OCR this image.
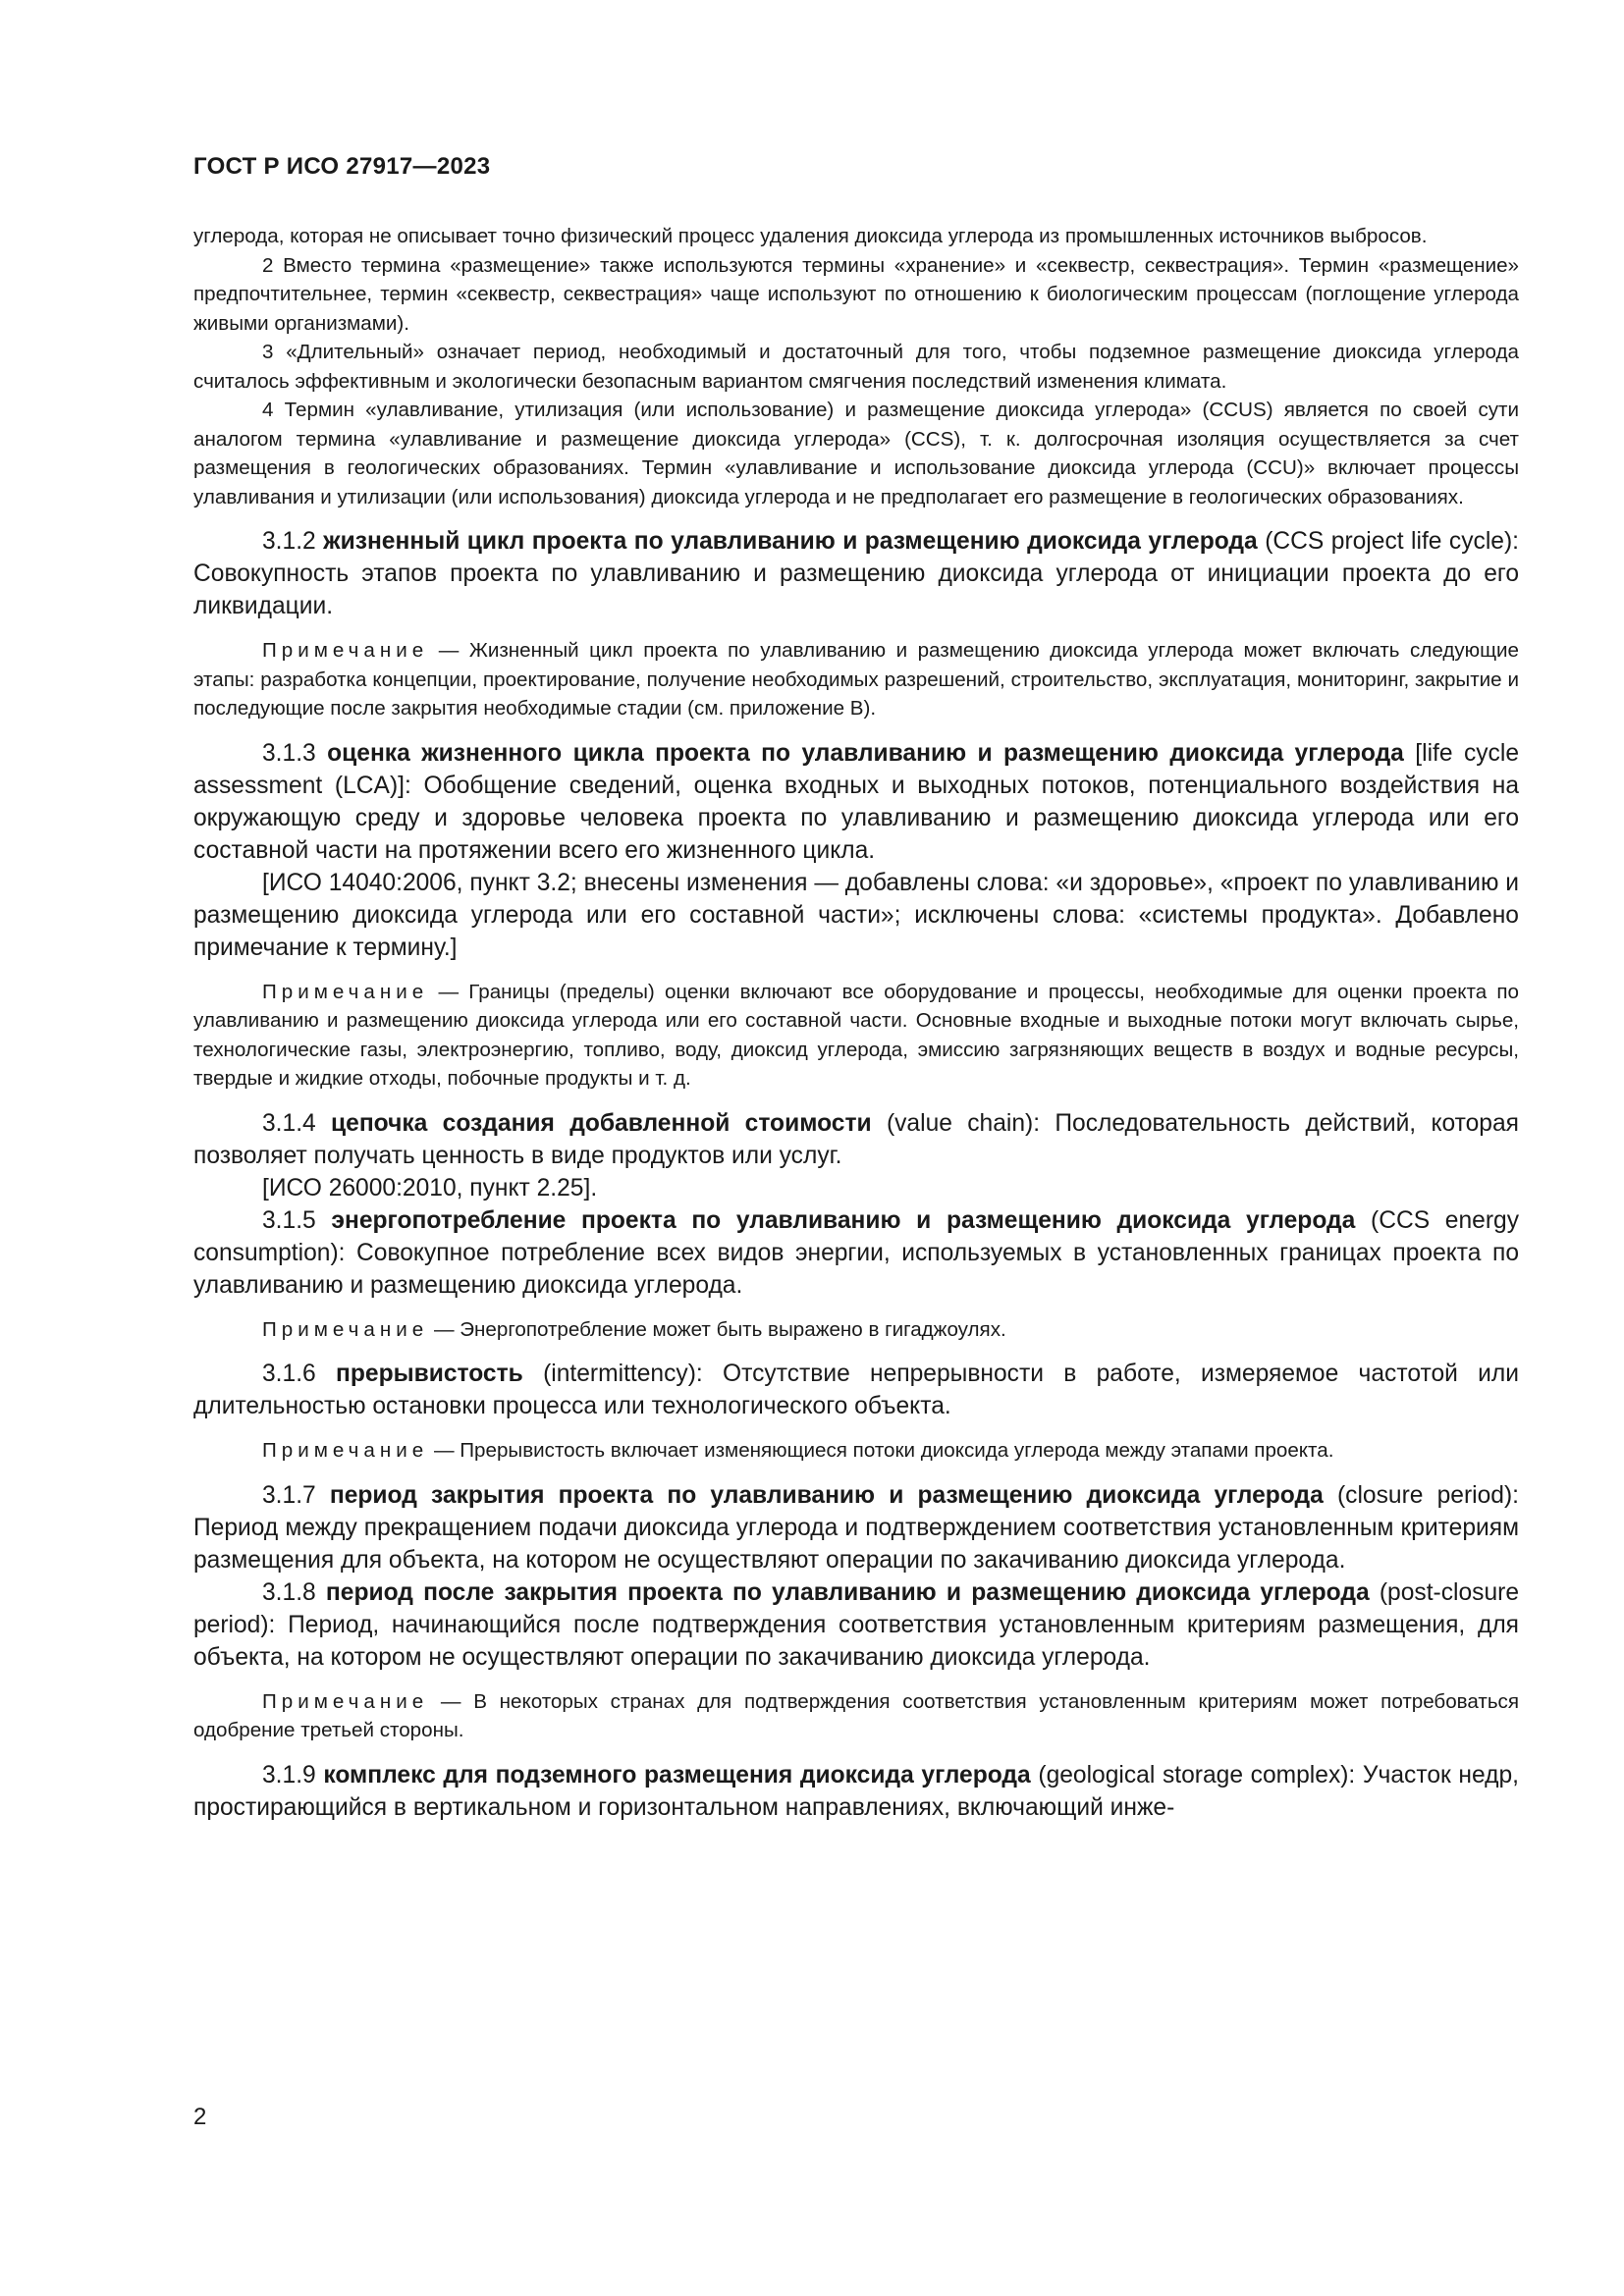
ГОСТ Р ИСО 27917—2023

углерода, которая не описывает точно физический процесс удаления диоксида углерода из промышленных источников выбросов.

2 Вместо термина «размещение» также используются термины «хранение» и «секвестр, секвестрация». Термин «размещение» предпочтительнее, термин «секвестр, секвестрация» чаще используют по отношению к биологическим процессам (поглощение углерода живыми организмами).

3 «Длительный» означает период, необходимый и достаточный для того, чтобы подземное размещение диоксида углерода считалось эффективным и экологически безопасным вариантом смягчения последствий изменения климата.

4 Термин «улавливание, утилизация (или использование) и размещение диоксида углерода» (CCUS) является по своей сути аналогом термина «улавливание и размещение диоксида углерода» (CCS), т. к. долгосрочная изоляция осуществляется за счет размещения в геологических образованиях. Термин «улавливание и использование диоксида углерода (CCU)» включает процессы улавливания и утилизации (или использования) диоксида углерода и не предполагает его размещение в геологических образованиях.

3.1.2 жизненный цикл проекта по улавливанию и размещению диоксида углерода (CCS project life cycle): Совокупность этапов проекта по улавливанию и размещению диоксида углерода от инициации проекта до его ликвидации.

Примечание — Жизненный цикл проекта по улавливанию и размещению диоксида углерода может включать следующие этапы: разработка концепции, проектирование, получение необходимых разрешений, строительство, эксплуатация, мониторинг, закрытие и последующие после закрытия необходимые стадии (см. приложение В).

3.1.3 оценка жизненного цикла проекта по улавливанию и размещению диоксида углерода [life cycle assessment (LCA)]: Обобщение сведений, оценка входных и выходных потоков, потенциального воздействия на окружающую среду и здоровье человека проекта по улавливанию и размещению диоксида углерода или его составной части на протяжении всего его жизненного цикла.

[ИСО 14040:2006, пункт 3.2; внесены изменения — добавлены слова: «и здоровье», «проект по улавливанию и размещению диоксида углерода или его составной части»; исключены слова: «системы продукта». Добавлено примечание к термину.]

Примечание — Границы (пределы) оценки включают все оборудование и процессы, необходимые для оценки проекта по улавливанию и размещению диоксида углерода или его составной части. Основные входные и выходные потоки могут включать сырье, технологические газы, электроэнергию, топливо, воду, диоксид углерода, эмиссию загрязняющих веществ в воздух и водные ресурсы, твердые и жидкие отходы, побочные продукты и т. д.

3.1.4 цепочка создания добавленной стоимости (value chain): Последовательность действий, которая позволяет получать ценность в виде продуктов или услуг.

[ИСО 26000:2010, пункт 2.25].

3.1.5 энергопотребление проекта по улавливанию и размещению диоксида углерода (CCS energy consumption): Совокупное потребление всех видов энергии, используемых в установленных границах проекта по улавливанию и размещению диоксида углерода.

Примечание — Энергопотребление может быть выражено в гигаджоулях.

3.1.6 прерывистость (intermittency): Отсутствие непрерывности в работе, измеряемое частотой или длительностью остановки процесса или технологического объекта.

Примечание — Прерывистость включает изменяющиеся потоки диоксида углерода между этапами проекта.

3.1.7 период закрытия проекта по улавливанию и размещению диоксида углерода (closure period): Период между прекращением подачи диоксида углерода и подтверждением соответствия установленным критериям размещения для объекта, на котором не осуществляют операции по закачиванию диоксида углерода.

3.1.8 период после закрытия проекта по улавливанию и размещению диоксида углерода (post-closure period): Период, начинающийся после подтверждения соответствия установленным критериям размещения, для объекта, на котором не осуществляют операции по закачиванию диоксида углерода.

Примечание — В некоторых странах для подтверждения соответствия установленным критериям может потребоваться одобрение третьей стороны.

3.1.9 комплекс для подземного размещения диоксида углерода (geological storage complex): Участок недр, простирающийся в вертикальном и горизонтальном направлениях, включающий инже-

2
